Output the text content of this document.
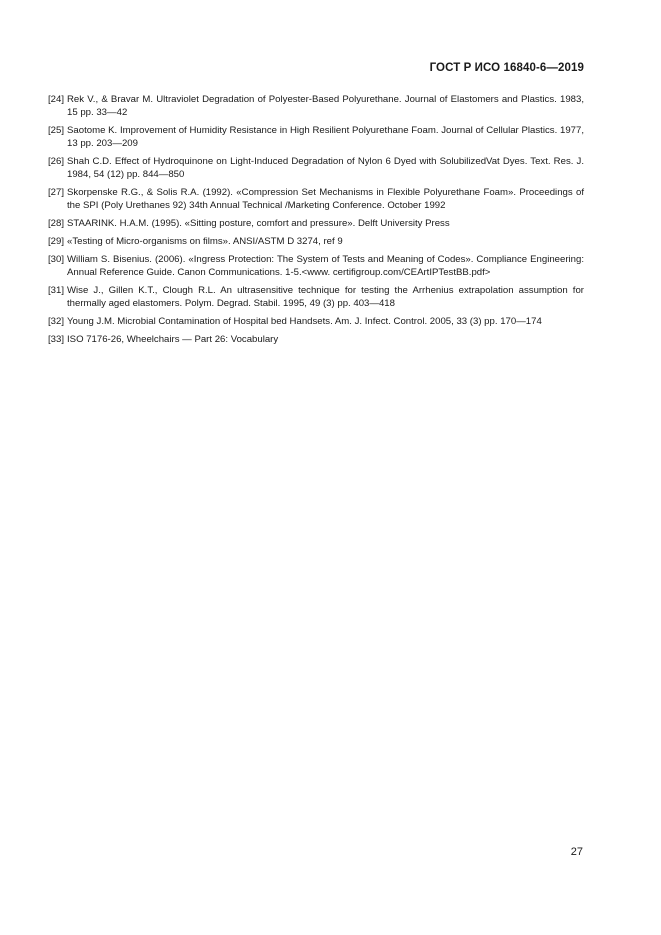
ГОСТ Р ИСО 16840-6—2019
[24] Rek V., & Bravar M. Ultraviolet Degradation of Polyester-Based Polyurethane. Journal of Elastomers and Plastics. 1983, 15 pp. 33—42
[25] Saotome K. Improvement of Humidity Resistance in High Resilient Polyurethane Foam. Journal of Cellular Plastics. 1977, 13 pp. 203—209
[26] Shah C.D. Effect of Hydroquinone on Light-Induced Degradation of Nylon 6 Dyed with SolubilizedVat Dyes. Text. Res. J. 1984, 54 (12) pp. 844—850
[27] Skorpenske R.G., & Solis R.A. (1992). «Compression Set Mechanisms in Flexible Polyurethane Foam». Proceedings of the SPI (Poly Urethanes 92) 34th Annual Technical /Marketing Conference. October 1992
[28] STAARINK. H.A.M. (1995). «Sitting posture, comfort and pressure». Delft University Press
[29] «Testing of Micro-organisms on films». ANSI/ASTM D 3274, ref 9
[30] William S. Bisenius. (2006). «Ingress Protection: The System of Tests and Meaning of Codes». Compliance Engineering: Annual Reference Guide. Canon Communications. 1-5.<www. certifigroup.com/CEArtIPTestBB.pdf>
[31] Wise J., Gillen K.T., Clough R.L. An ultrasensitive technique for testing the Arrhenius extrapolation assumption for thermally aged elastomers. Polym. Degrad. Stabil. 1995, 49 (3) pp. 403—418
[32] Young J.M. Microbial Contamination of Hospital bed Handsets. Am. J. Infect. Control. 2005, 33 (3) pp. 170—174
[33] ISO 7176-26, Wheelchairs — Part 26: Vocabulary
27
